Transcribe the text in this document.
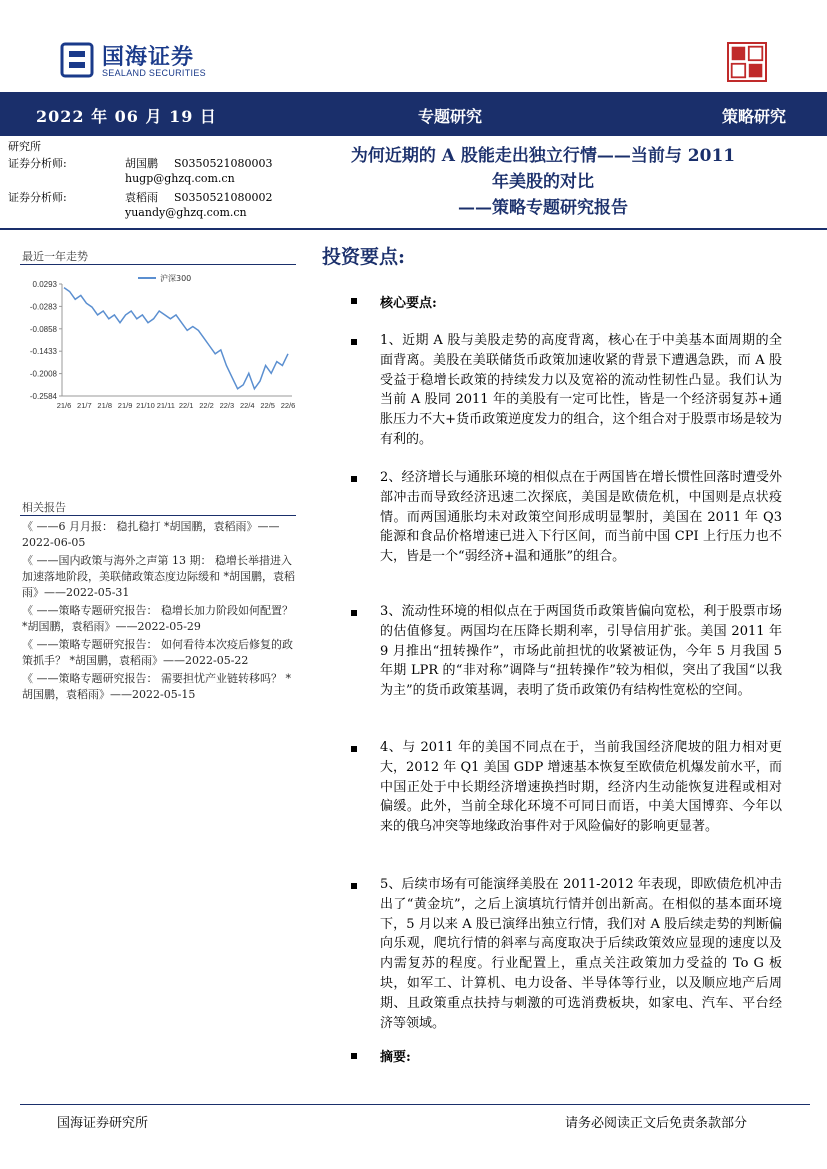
国海证券
SEALAND SECURITIES
2022 年 06 月 19 日	专题研究	策略研究
研究所
证券分析师:	胡国鹏 S0350521080003
hugp@ghzq.com.cn
证券分析师:	袁稻雨 S0350521080002
yuandy@ghzq.com.cn
为何近期的 A 股能走出独立行情——当前与 2011
年美股的对比
——策略专题研究报告
最近一年走势
0.0293
-0.0283
-0.0858
-0.1433
-0.2008
-0.2584
21/6 21/7 21/8 21/9 21/10 21/11 22/1 22/2 22/3 22/4 22/5 22/6
沪深300
相关报告
《 ——6 月月报： 稳扎稳打 *胡国鹏，袁稻雨》——2022-06-05
《 ——国内政策与海外之声第 13 期： 稳增长举措进入加速落地阶段，美联储政策态度边际缓和 *胡国鹏，袁稻雨》——2022-05-31
《 ——策略专题研究报告： 稳增长加力阶段如何配置？ *胡国鹏，袁稻雨》——2022-05-29
《 ——策略专题研究报告： 如何看待本次疫后修复的政策抓手？ *胡国鹏，袁稻雨》——2022-05-22
《 ——策略专题研究报告： 需要担忧产业链转移吗？ *胡国鹏，袁稻雨》——2022-05-15
投资要点:
核心要点:
1、近期 A 股与美股走势的高度背离，核心在于中美基本面周期的全面背离。美股在美联储货币政策加速收紧的背景下遭遇急跌，而 A 股受益于稳增长政策的持续发力以及宽裕的流动性韧性凸显。我们认为当前 A 股同 2011 年的美股有一定可比性，皆是一个经济弱复苏+通胀压力不大+货币政策逆度发力的组合，这个组合对于股票市场是较为有利的。
2、经济增长与通胀环境的相似点在于两国皆在增长惯性回落时遭受外部冲击而导致经济迅速二次探底，美国是欧债危机，中国则是点状疫情。而两国通胀均未对政策空间形成明显掣肘，美国在 2011 年 Q3 能源和食品价格增速已进入下行区间，而当前中国 CPI 上行压力也不大，皆是一个“弱经济+温和通胀”的组合。
3、流动性环境的相似点在于两国货币政策皆偏向宽松，利于股票市场的估值修复。两国均在压降长期利率，引导信用扩张。美国 2011 年 9 月推出“扭转操作”，市场此前担忧的收紧被证伪，今年 5 月我国 5 年期 LPR 的“非对称”调降与“扭转操作”较为相似，突出了我国“以我为主”的货币政策基调，表明了货币政策仍有结构性宽松的空间。
4、与 2011 年的美国不同点在于，当前我国经济爬坡的阻力相对更大，2012 年 Q1 美国 GDP 增速基本恢复至欧债危机爆发前水平，而中国正处于中长期经济增速换挡时期，经济内生动能恢复进程或相对偏缓。此外，当前全球化环境不可同日而语，中美大国博弈、今年以来的俄乌冲突等地缘政治事件对于风险偏好的影响更显著。
5、后续市场有可能演绎美股在 2011-2012 年表现，即欧债危机冲击出了“黄金坑”，之后上演填坑行情并创出新高。在相似的基本面环境下，5 月以来 A 股已演绎出独立行情，我们对 A 股后续走势的判断偏向乐观，爬坑行情的斜率与高度取决于后续政策效应显现的速度以及内需复苏的程度。行业配置上，重点关注政策加力受益的 To G 板块，如军工、计算机、电力设备、半导体等行业，以及顺应地产后周期、且政策重点扶持与刺激的可选消费板块，如家电、汽车、平台经济等领域。
摘要:
国海证券研究所	请务必阅读正文后免责条款部分
